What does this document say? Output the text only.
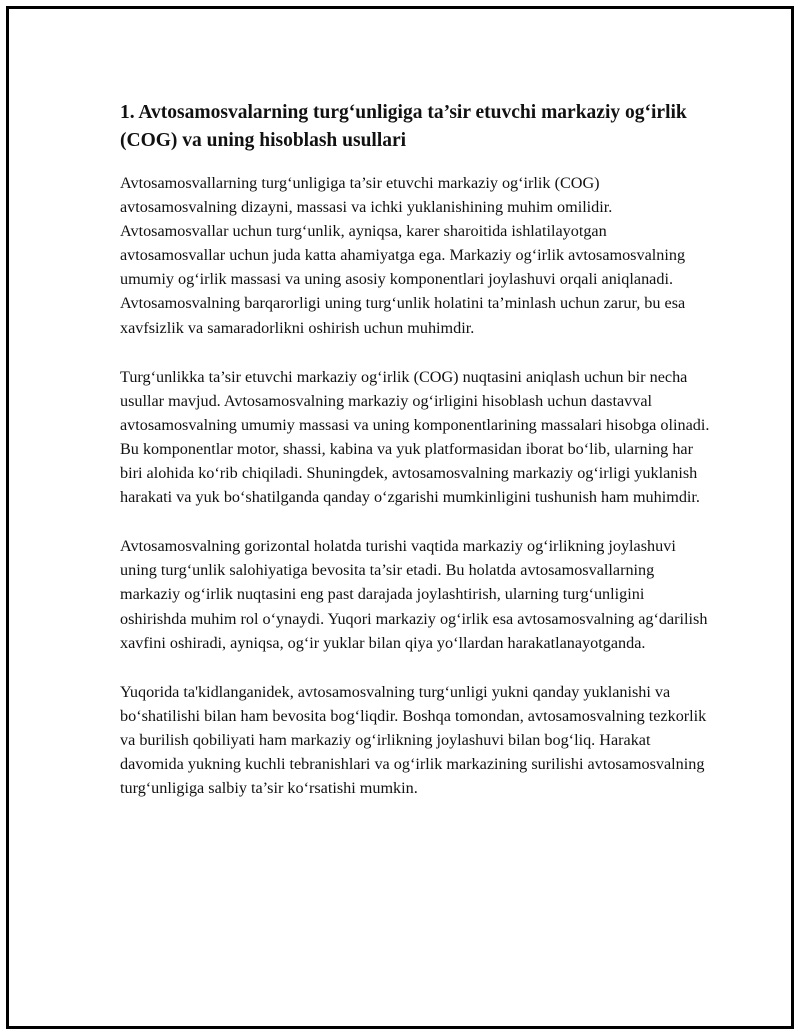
1. Avtosamosvalarning turg‘unligiga ta’sir etuvchi markaziy og‘irlik (COG) va uning hisoblash usullari

Avtosamosvallarning turg‘unligiga ta’sir etuvchi markaziy og‘irlik (COG) avtosamosvalning dizayni, massasi va ichki yuklanishining muhim omilidir. Avtosamosvallar uchun turg‘unlik, ayniqsa, karer sharoitida ishlatilayotgan avtosamosvallar uchun juda katta ahamiyatga ega. Markaziy og‘irlik avtosamosvalning umumiy og‘irlik massasi va uning asosiy komponentlari joylashuvi orqali aniqlanadi. Avtosamosvalning barqarorligi uning turg‘unlik holatini ta’minlash uchun zarur, bu esa xavfsizlik va samaradorlikni oshirish uchun muhimdir.

Turg‘unlikka ta’sir etuvchi markaziy og‘irlik (COG) nuqtasini aniqlash uchun bir necha usullar mavjud. Avtosamosvalning markaziy og‘irligini hisoblash uchun dastavval avtosamosvalning umumiy massasi va uning komponentlarining massalari hisobga olinadi. Bu komponentlar motor, shassi, kabina va yuk platformasidan iborat bo‘lib, ularning har biri alohida ko‘rib chiqiladi. Shuningdek, avtosamosvalning markaziy og‘irligi yuklanish harakati va yuk bo‘shatilganda qanday o‘zgarishi mumkinligini tushunish ham muhimdir.

Avtosamosvalning gorizontal holatda turishi vaqtida markaziy og‘irlikning joylashuvi uning turg‘unlik salohiyatiga bevosita ta’sir etadi. Bu holatda avtosamosvallarning markaziy og‘irlik nuqtasini eng past darajada joylashtirish, ularning turg‘unligini oshirishda muhim rol o‘ynaydi. Yuqori markaziy og‘irlik esa avtosamosvalning ag‘darilish xavfini oshiradi, ayniqsa, og‘ir yuklar bilan qiya yo‘llardan harakatlanayotganda.

Yuqorida ta'kidlanganidek, avtosamosvalning turg‘unligi yukni qanday yuklanishi va bo‘shatilishi bilan ham bevosita bog‘liqdir. Boshqa tomondan, avtosamosvalning tezkorlik va burilish qobiliyati ham markaziy og‘irlikning joylashuvi bilan bog‘liq. Harakat davomida yukning kuchli tebranishlari va og‘irlik markazining surilishi avtosamosvalning turg‘unligiga salbiy ta’sir ko‘rsatishi mumkin.
